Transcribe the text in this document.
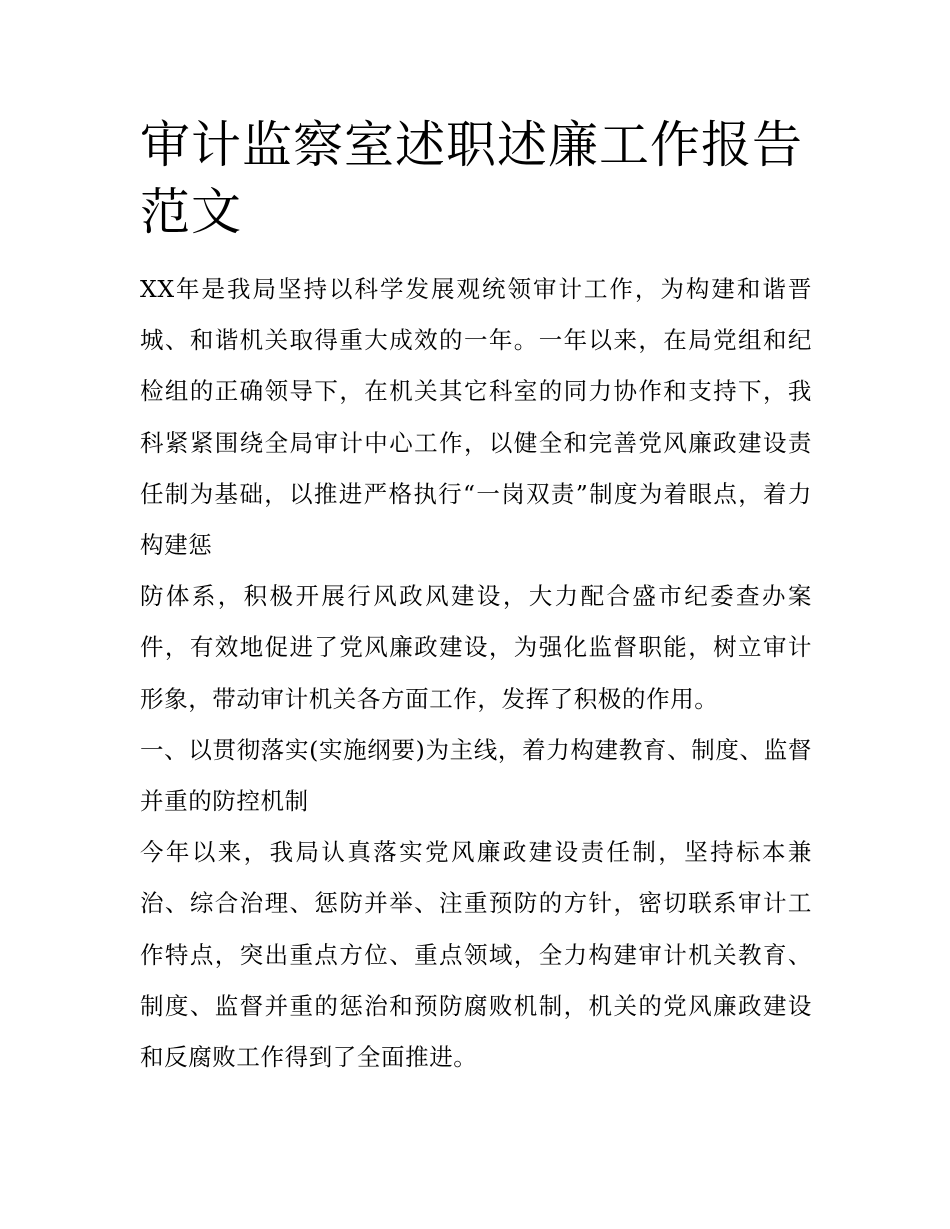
审计监察室述职述廉工作报告范文

XX年是我局坚持以科学发展观统领审计工作，为构建和谐晋城、和谐机关取得重大成效的一年。一年以来，在局党组和纪检组的正确领导下，在机关其它科室的同力协作和支持下，我科紧紧围绕全局审计中心工作，以健全和完善党风廉政建设责任制为基础，以推进严格执行“一岗双责”制度为着眼点，着力构建惩

防体系，积极开展行风政风建设，大力配合盛市纪委查办案件，有效地促进了党风廉政建设，为强化监督职能，树立审计形象，带动审计机关各方面工作，发挥了积极的作用。

一、以贯彻落实(实施纲要)为主线，着力构建教育、制度、监督并重的防控机制

今年以来，我局认真落实党风廉政建设责任制，坚持标本兼治、综合治理、惩防并举、注重预防的方针，密切联系审计工作特点，突出重点方位、重点领域，全力构建审计机关教育、制度、监督并重的惩治和预防腐败机制，机关的党风廉政建设和反腐败工作得到了全面推进。
